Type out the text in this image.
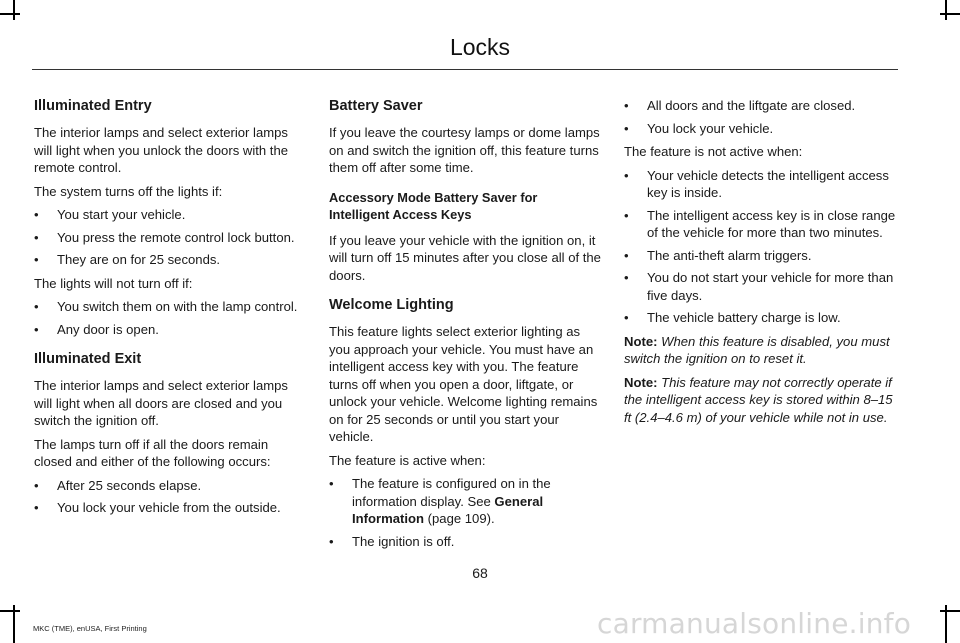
Locks
Illuminated Entry

The interior lamps and select exterior lamps will light when you unlock the doors with the remote control.

The system turns off the lights if:

• You start your vehicle.
• You press the remote control lock button.
• They are on for 25 seconds.

The lights will not turn off if:

• You switch them on with the lamp control.
• Any door is open.
Illuminated Exit

The interior lamps and select exterior lamps will light when all doors are closed and you switch the ignition off.

The lamps turn off if all the doors remain closed and either of the following occurs:

• After 25 seconds elapse.
• You lock your vehicle from the outside.
Battery Saver

If you leave the courtesy lamps or dome lamps on and switch the ignition off, this feature turns them off after some time.

Accessory Mode Battery Saver for Intelligent Access Keys

If you leave your vehicle with the ignition on, it will turn off 15 minutes after you close all of the doors.

Welcome Lighting

This feature lights select exterior lighting as you approach your vehicle. You must have an intelligent access key with you. The feature turns off when you open a door, liftgate, or unlock your vehicle. Welcome lighting remains on for 25 seconds or until you start your vehicle.

The feature is active when:

• The feature is configured on in the information display. See General Information (page 109).
• The ignition is off.
• All doors and the liftgate are closed.
• You lock your vehicle.

The feature is not active when:

• Your vehicle detects the intelligent access key is inside.
• The intelligent access key is in close range of the vehicle for more than two minutes.
• The anti-theft alarm triggers.
• You do not start your vehicle for more than five days.
• The vehicle battery charge is low.

Note: When this feature is disabled, you must switch the ignition on to reset it.

Note: This feature may not correctly operate if the intelligent access key is stored within 8–15 ft (2.4–4.6 m) of your vehicle while not in use.

68
MKC (TME), enUSA, First Printing	carmanualsonline.info
